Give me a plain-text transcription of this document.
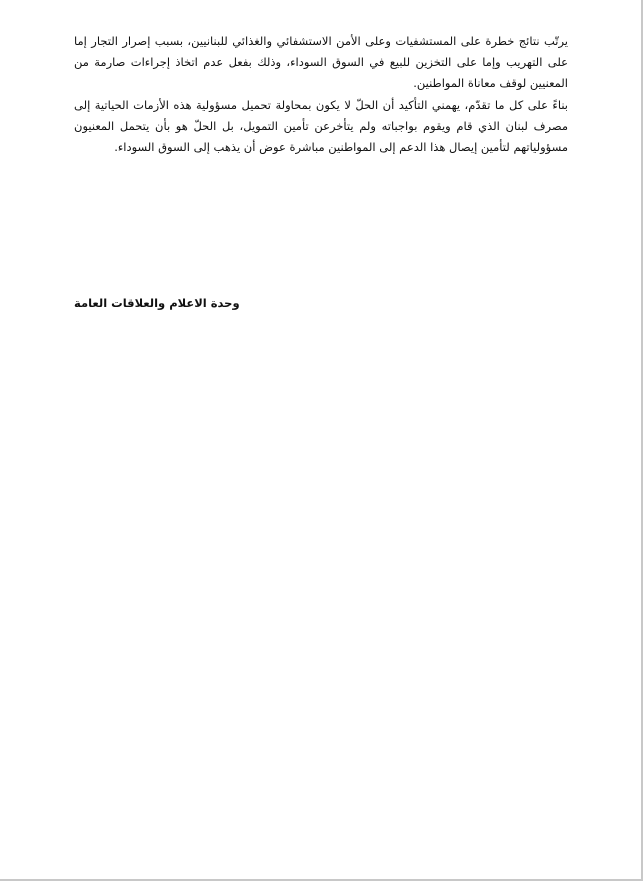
يرتّب نتائج خطرة على المستشفيات وعلى الأمن الاستشفائي والغذائي للبنانيين، بسبب إصرار التجار إما على التهريب وإما على التخزين للبيع في السوق السوداء، وذلك بفعل عدم اتخاذ إجراءات صارمة من المعنيين لوقف معاناة المواطنين.

بناءً على كل ما تقدّم، يهمني التأكيد أن الحلّ لا يكون بمحاولة تحميل مسؤولية هذه الأزمات الحياتية إلى مصرف لبنان الذي قام ويقوم بواجباته ولم يتأخرعن تأمين التمويل، بل الحلّ هو بأن يتحمل المعنيون مسؤولياتهم لتأمين إيصال هذا الدعم إلى المواطنين مباشرة عوض أن يذهب إلى السوق السوداء.

وحدة الاعلام والعلاقات العامة
